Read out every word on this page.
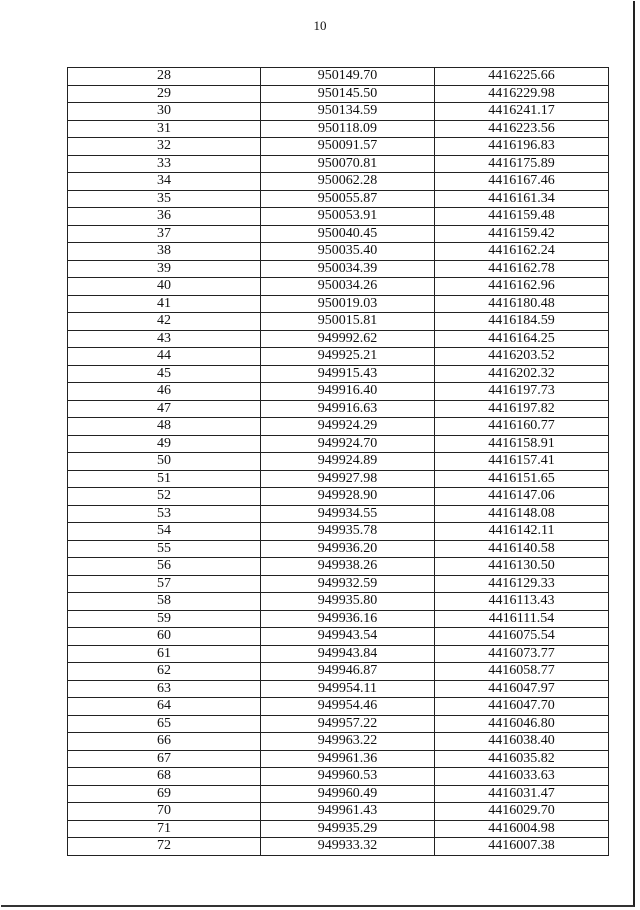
10
28	950149.70	4416225.66
29	950145.50	4416229.98
30	950134.59	4416241.17
31	950118.09	4416223.56
32	950091.57	4416196.83
33	950070.81	4416175.89
34	950062.28	4416167.46
35	950055.87	4416161.34
36	950053.91	4416159.48
37	950040.45	4416159.42
38	950035.40	4416162.24
39	950034.39	4416162.78
40	950034.26	4416162.96
41	950019.03	4416180.48
42	950015.81	4416184.59
43	949992.62	4416164.25
44	949925.21	4416203.52
45	949915.43	4416202.32
46	949916.40	4416197.73
47	949916.63	4416197.82
48	949924.29	4416160.77
49	949924.70	4416158.91
50	949924.89	4416157.41
51	949927.98	4416151.65
52	949928.90	4416147.06
53	949934.55	4416148.08
54	949935.78	4416142.11
55	949936.20	4416140.58
56	949938.26	4416130.50
57	949932.59	4416129.33
58	949935.80	4416113.43
59	949936.16	4416111.54
60	949943.54	4416075.54
61	949943.84	4416073.77
62	949946.87	4416058.77
63	949954.11	4416047.97
64	949954.46	4416047.70
65	949957.22	4416046.80
66	949963.22	4416038.40
67	949961.36	4416035.82
68	949960.53	4416033.63
69	949960.49	4416031.47
70	949961.43	4416029.70
71	949935.29	4416004.98
72	949933.32	4416007.38
